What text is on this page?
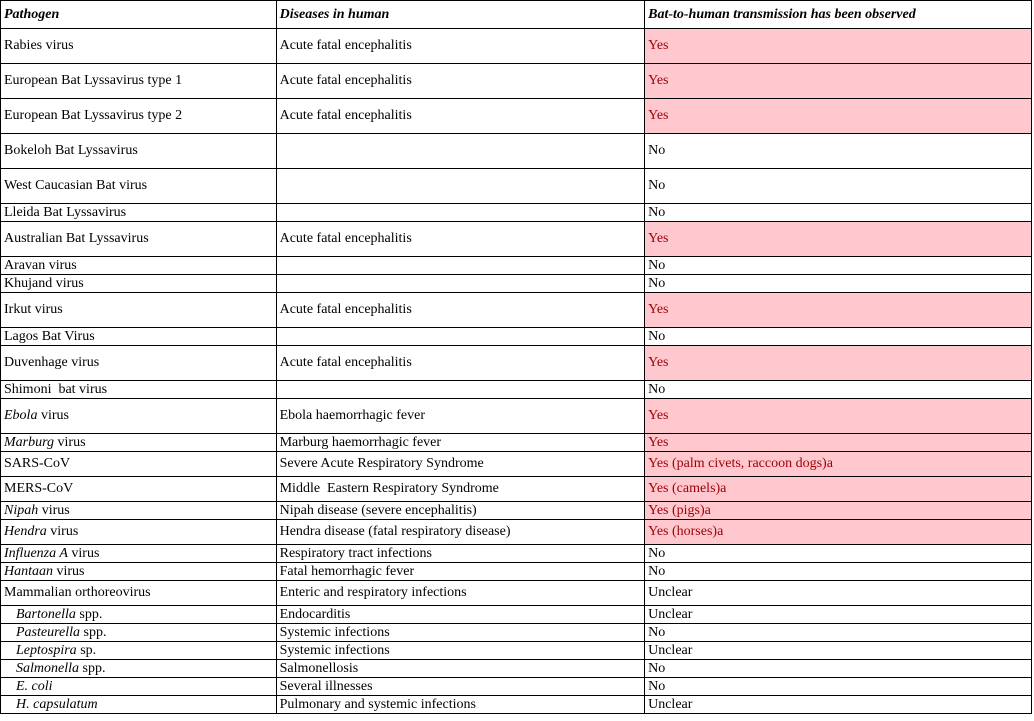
Pathogen	Diseases in human	Bat-to-human transmission has been observed
Rabies virus	Acute fatal encephalitis	Yes
European Bat Lyssavirus type 1	Acute fatal encephalitis	Yes
European Bat Lyssavirus type 2	Acute fatal encephalitis	Yes
Bokeloh Bat Lyssavirus		No
West Caucasian Bat virus		No
Lleida Bat Lyssavirus		No
Australian Bat Lyssavirus	Acute fatal encephalitis	Yes
Aravan virus		No
Khujand virus		No
Irkut virus	Acute fatal encephalitis	Yes
Lagos Bat Virus		No
Duvenhage virus	Acute fatal encephalitis	Yes
Shimoni  bat virus		No
Ebola virus	Ebola haemorrhagic fever	Yes
Marburg virus	Marburg haemorrhagic fever	Yes
SARS-CoV	Severe Acute Respiratory Syndrome	Yes (palm civets, raccoon dogs)a
MERS-CoV	Middle  Eastern Respiratory Syndrome	Yes (camels)a
Nipah virus	Nipah disease (severe encephalitis)	Yes (pigs)a
Hendra virus	Hendra disease (fatal respiratory disease)	Yes (horses)a
Influenza A virus	Respiratory tract infections	No
Hantaan virus	Fatal hemorrhagic fever	No
Mammalian orthoreovirus	Enteric and respiratory infections	Unclear
Bartonella spp.	Endocarditis	Unclear
Pasteurella spp.	Systemic infections	No
Leptospira sp.	Systemic infections	Unclear
Salmonella spp.	Salmonellosis	No
E. coli	Several illnesses	No
H. capsulatum	Pulmonary and systemic infections	Unclear
